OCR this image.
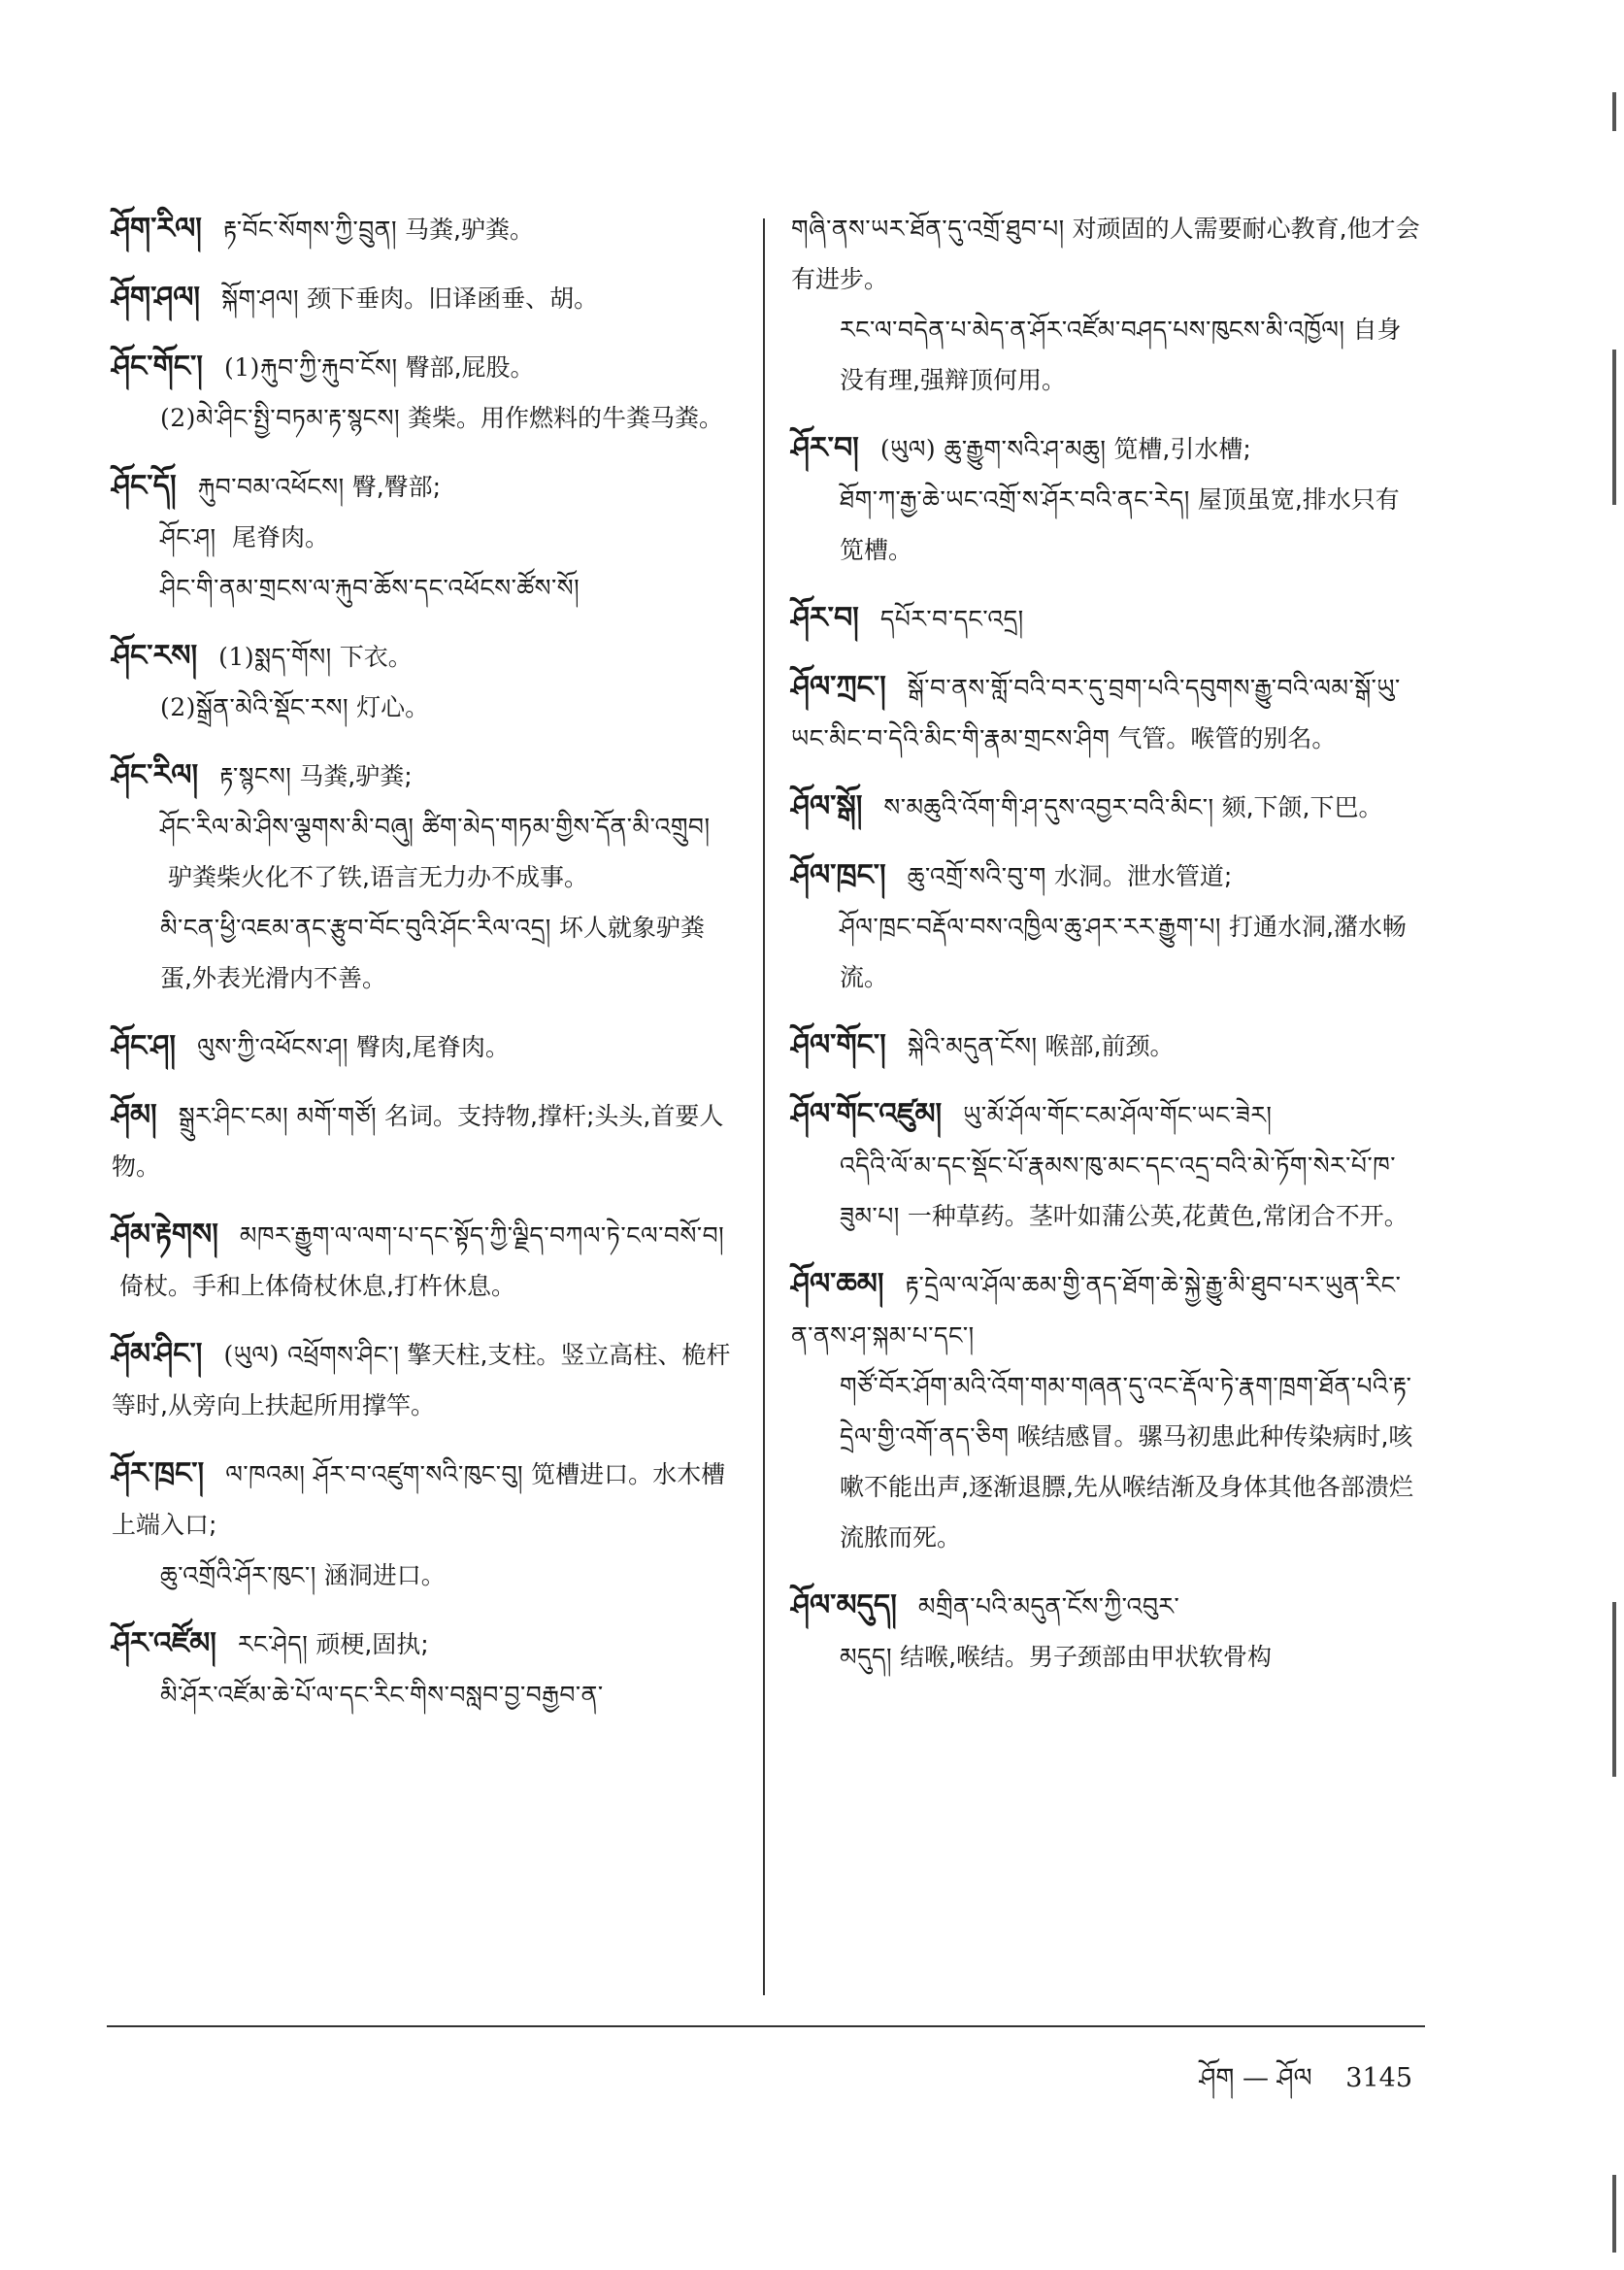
ཤོག་རིལ། རྟ་བོང་སོགས་ཀྱི་བྲུན། 马粪,驴粪。
ཤོག་ཤལ། སྐོག་ཤལ། 颈下垂肉。旧译函垂、胡。
ཤོང་གོང་། (1)རྐུབ་ཀྱི་རྐུབ་ངོས། 臀部,屁股。
(2)མེ་ཤིང་སྤྱི་བཏམ་རྟ་སྙངས། 粪柴。用作燃料的牛粪马粪。
ཤོང་དོ། རྐུབ་བམ་འཕོངས། 臀,臀部;
ཤོང་ཤ། 尾脊肉。
ཤིང་གི་ནམ་གྲངས་ལ་རྐུབ་ཆོས་དང་འཕོངས་ཚོས་སོ།
ཤོང་རས། (1)སྨད་གོས། 下衣。
(2)སྒྲོན་མེའི་སྡོང་རས། 灯心。
ཤོང་རིལ། རྟ་སྙངས། 马粪,驴粪;
ཤོང་རིལ་མེ་ཤིས་ལྕགས་མི་བཞུ། ཚིག་མེད་གཏམ་གྱིས་དོན་མི་འགྲུབ།驴粪柴火化不了铁,语言无力办不成事。
མི་ངན་ཕྱི་འཇམ་ནང་རྩུབ་བོང་བུའི་ཤོང་རིལ་འདྲ། 坏人就象驴粪蛋,外表光滑内不善。
ཤོང་ཤ། ལུས་ཀྱི་འཕོངས་ཤ། 臀肉,尾脊肉。
ཤོམ། སྒྲུར་ཤིང་ངམ། མགོ་གཙོ། 名词。支持物,撑杆;头头,首要人物。
ཤོམ་རྟེགས། མཁར་རྒྱུག་ལ་ལག་པ་དང་སྟོད་ཀྱི་ལྗིད་བཀལ་ཏེ་ངལ་བསོ་བ།倚杖。手和上体倚杖休息,打杵休息。
ཤོམ་ཤིང་། (ཡུལ) འཕྲོགས་ཤིང་། 擎天柱,支柱。竖立高柱、桅杆等时,从旁向上扶起所用撑竿。
ཤོར་ཁྲང་། ལ་ཁའམ། ཤོར་བ་འཛུག་སའི་ཁུང་བུ། 笕槽进口。水木槽上端入口;
ཆུ་འགྲོའི་ཤོར་ཁུང་། 涵洞进口。
ཤོར་འཛོམ། རང་ཤེད། 顽梗,固执;
མི་ཤོར་འཛོམ་ཆེ་པོ་ལ་དང་རིང་གིས་བསླབ་བྱ་བརྒྱབ་ན་
གཞི་ནས་ཡར་ཐོན་དུ་འགྲོ་ཐུབ་པ། 对顽固的人需要耐心教育,他才会有进步。
རང་ལ་བདེན་པ་མེད་ན་ཤོར་འཛོམ་བཤད་པས་ཁུངས་མི་འཁྱོལ། 自身没有理,强辩顶何用。
ཤོར་བ། (ཡུལ) ཆུ་རྒྱུག་སའི་ཤ་མཆུ། 笕槽,引水槽;
ཐོག་ཀ་རྒྱ་ཆེ་ཡང་འགྲོ་ས་ཤོར་བའི་ནང་རེད། 屋顶虽宽,排水只有笕槽。
ཤོར་བ། དཔོར་བ་དང་འདྲ།
ཤོལ་ཀྲང་། སྒོ་བ་ནས་གློ་བའི་བར་དུ་བྲག་པའི་དབུགས་རྒྱུ་བའི་ལམ་སྒོ་ཡུ་ཡང་མིང་བ་དེའི་མིང་གི་རྣམ་གྲངས་ཤིག 气管。喉管的别名。
ཤོལ་སྒོ། ས་མཆུའི་འོག་གི་ཤ་དུས་འབྱར་བའི་མིང་། 颏,下颌,下巴。
ཤོལ་ཁྲང་། ཆུ་འགྲོ་སའི་བུ་ག 水洞。泄水管道;
ཤོལ་ཁྲང་བརྡོལ་བས་འཁྱིལ་ཆུ་ཤར་རར་རྒྱུག་པ། 打通水洞,潴水畅流。
ཤོལ་གོང་། སྐེའི་མདུན་ངོས། 喉部,前颈。
ཤོལ་གོང་འཛུམ། ཡུ་མོ་ཤོལ་གོང་ངམ་ཤོལ་གོང་ཡང་ཟེར།
འདིའི་ལོ་མ་དང་སྡོང་པོ་རྣམས་ཁུ་མང་དང་འདྲ་བའི་མེ་ཏོག་སེར་པོ་ཁ་ཟུམ་པ། 一种草药。茎叶如蒲公英,花黄色,常闭合不开。
ཤོལ་ཆམ། རྟ་དྲེལ་ལ་ཤོལ་ཆམ་གྱི་ནད་ཐོག་ཆེ་སྐྱེ་རྒྱུ་མི་ཐུབ་པར་ཡུན་རིང་ན་ནས་ཤ་སྐམ་པ་དང་།
གཙོ་བོར་ཤོག་མའི་འོག་གམ་གཞན་དུ་འང་རྡོལ་ཏེ་རྣག་ཁྲག་ཐོན་པའི་རྟ་དྲེལ་གྱི་འགོ་ནད་ཅིག 喉结感冒。骡马初患此种传染病时,咳嗽不能出声,逐渐退膘,先从喉结渐及身体其他各部溃烂流脓而死。
ཤོལ་མདུད། མགྲིན་པའི་མདུན་ངོས་ཀྱི་འབུར་
མདུད། 结喉,喉结。男子颈部由甲状软骨构
ཤོག — ཤོལ 3145
